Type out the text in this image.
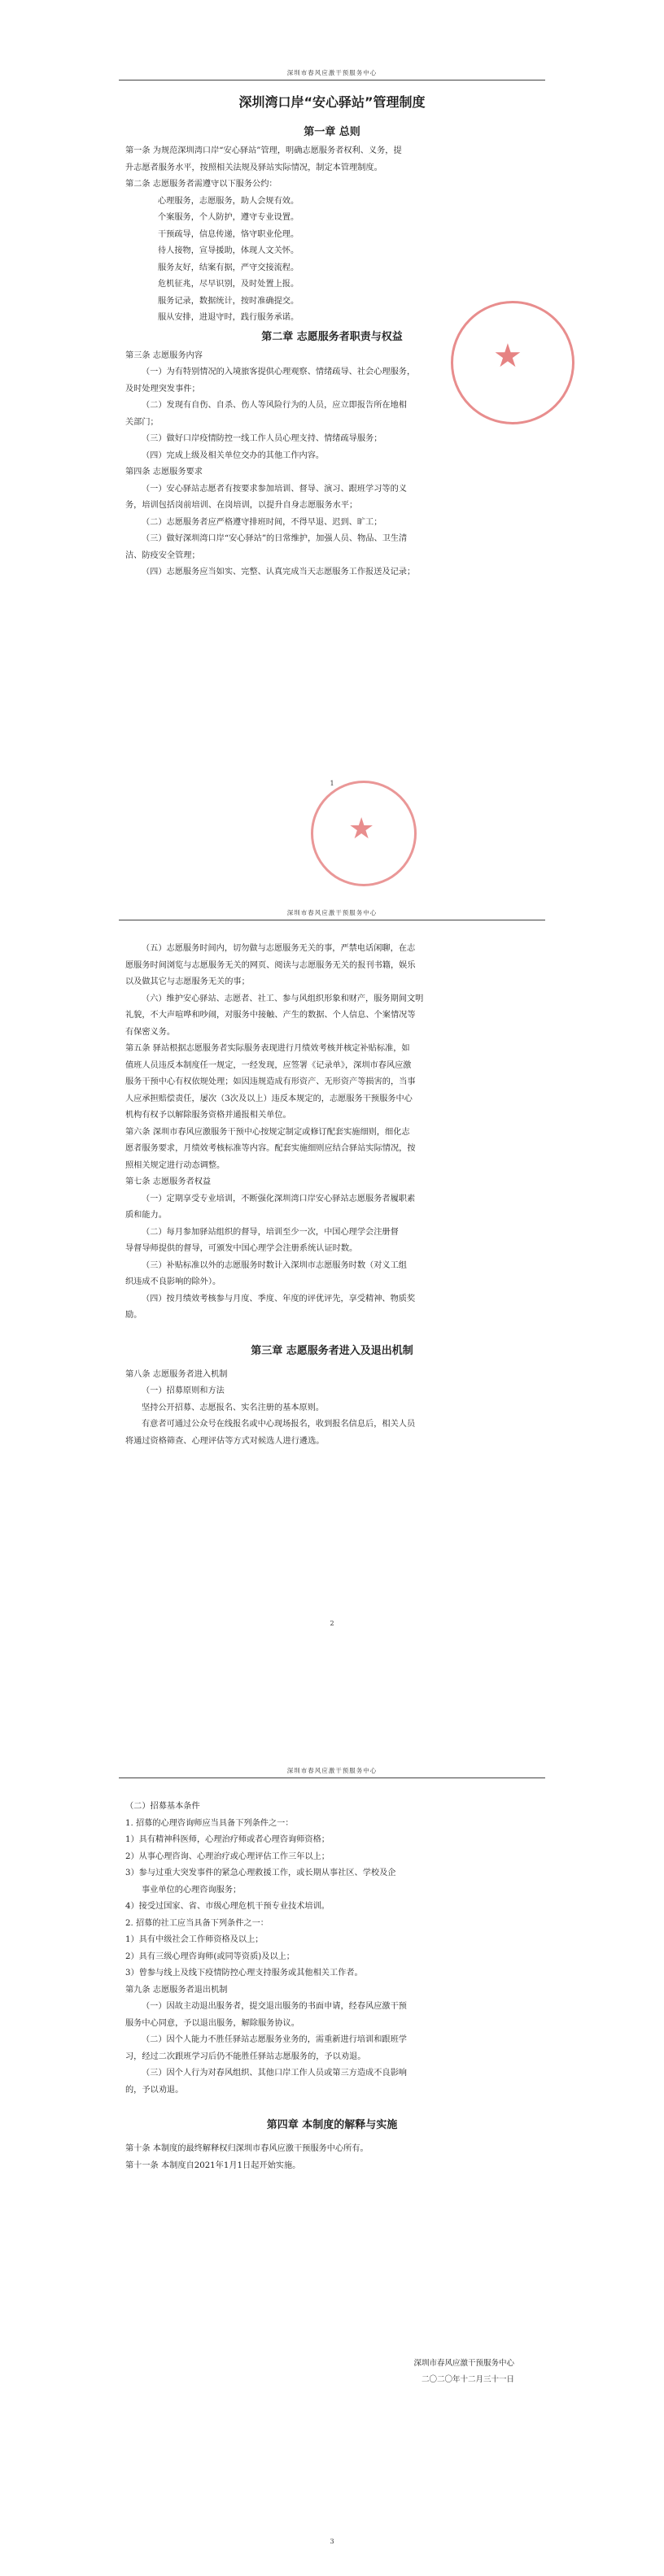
深圳市春风应激干预服务中心
深圳湾口岸“安心驿站”管理制度
第一章 总则
第一条 为规范深圳湾口岸“安心驿站”管理，明确志愿服务者权利、义务，提
升志愿者服务水平，按照相关法规及驿站实际情况，制定本管理制度。
第二条 志愿服务者需遵守以下服务公约：
心理服务，志愿服务，助人会规有效。
个案服务，个人防护，遵守专业设置。
干预疏导，信息传递，恪守职业伦理。
待人接物，宣导援助，体现人文关怀。
服务友好，结案有据，严守交接流程。
危机征兆，尽早识别，及时处置上报。
服务记录，数据统计，按时准确提交。
服从安排，进退守时，践行服务承诺。
第二章 志愿服务者职责与权益
第三条 志愿服务内容
（一）为有特别情况的入境旅客提供心理观察、情绪疏导、社会心理服务，
及时处理突发事件；
（二）发现有自伤、自杀、伤人等风险行为的人员，应立即报告所在地相
关部门；
（三）做好口岸疫情防控一线工作人员心理支持、情绪疏导服务；
（四）完成上级及相关单位交办的其他工作内容。
第四条 志愿服务要求
（一）安心驿站志愿者有按要求参加培训、督导、演习、跟班学习等的义
务，培训包括岗前培训、在岗培训，以提升自身志愿服务水平；
（二）志愿服务者应严格遵守排班时间，不得早退、迟到、旷工；
（三）做好深圳湾口岸“安心驿站”的日常维护，加强人员、物品、卫生清
洁、防疫安全管理；
（四）志愿服务应当如实、完整、认真完成当天志愿服务工作报送及记录；
1
★
深圳市春风应激干预服务中心
（五）志愿服务时间内，切勿做与志愿服务无关的事，严禁电话闲聊，在志
愿服务时间浏览与志愿服务无关的网页、阅读与志愿服务无关的报刊书籍，娱乐
以及做其它与志愿服务无关的事；
（六）维护安心驿站、志愿者、社工、参与风组织形象和财产，服务期间文明
礼貌，不大声喧哗和吵闹，对服务中接触、产生的数据、个人信息、个案情况等
有保密义务。
第五条 驿站根据志愿服务者实际服务表现进行月绩效考核并核定补贴标准，如
值班人员违反本制度任一规定，一经发现，应签署《记录单》，深圳市春风应激
服务干预中心有权依规处理；如因违规造成有形资产、无形资产等损害的，当事
人应承担赔偿责任，屡次（3次及以上）违反本规定的，志愿服务干预服务中心
机构有权予以解除服务资格并通报相关单位。
第六条 深圳市春风应激服务干预中心按规定制定或修订配套实施细则，细化志
愿者服务要求，月绩效考核标准等内容。配套实施细则应结合驿站实际情况，按
照相关规定进行动态调整。
第七条 志愿服务者权益
（一）定期享受专业培训，不断强化深圳湾口岸安心驿站志愿服务者履职素
质和能力。
（二）每月参加驿站组织的督导，培训至少一次，中国心理学会注册督
导督导师提供的督导，可颁发中国心理学会注册系统认证时数。
（三）补贴标准以外的志愿服务时数计入深圳市志愿服务时数（对义工组
织违成不良影响的除外）。
（四）按月绩效考核参与月度、季度、年度的评优评先，享受精神、物质奖
励。
第三章 志愿服务者进入及退出机制
第八条 志愿服务者进入机制
（一）招募原则和方法
坚持公开招募、志愿报名、实名注册的基本原则。
有意者可通过公众号在线报名或中心现场报名，收到报名信息后，相关人员
将通过资格筛查、心理评估等方式对候选人进行遴选。
2
深圳市春风应激干预服务中心
（二）招募基本条件
1. 招募的心理咨询师应当具备下列条件之一：
1）具有精神科医师，心理治疗师或者心理咨询师资格；
2）从事心理咨询、心理治疗或心理评估工作三年以上；
3）参与过重大突发事件的紧急心理救援工作，或长期从事社区、学校及企
事业单位的心理咨询服务；
4）接受过国家、省、市级心理危机干预专业技术培训。
2. 招募的社工应当具备下列条件之一：
1）具有中级社会工作师资格及以上；
2）具有三级心理咨询师(或同等资质)及以上；
3）曾参与线上及线下疫情防控心理支持服务或其他相关工作者。
第九条 志愿服务者退出机制
（一）因故主动退出服务者，提交退出服务的书面申请，经春风应激干预
服务中心同意，予以退出服务，解除服务协议。
（二）因个人能力不胜任驿站志愿服务业务的，需重新进行培训和跟班学
习，经过二次跟班学习后仍不能胜任驿站志愿服务的，予以劝退。
（三）因个人行为对春风组织、其他口岸工作人员或第三方造成不良影响
的，予以劝退。
第四章 本制度的解释与实施
第十条 本制度的最终解释权归深圳市春风应激干预服务中心所有。
第十一条 本制度自2021年1月1日起开始实施。
深圳市春风应激干预服务中心
二〇二〇年十二月三十一日
3
★
